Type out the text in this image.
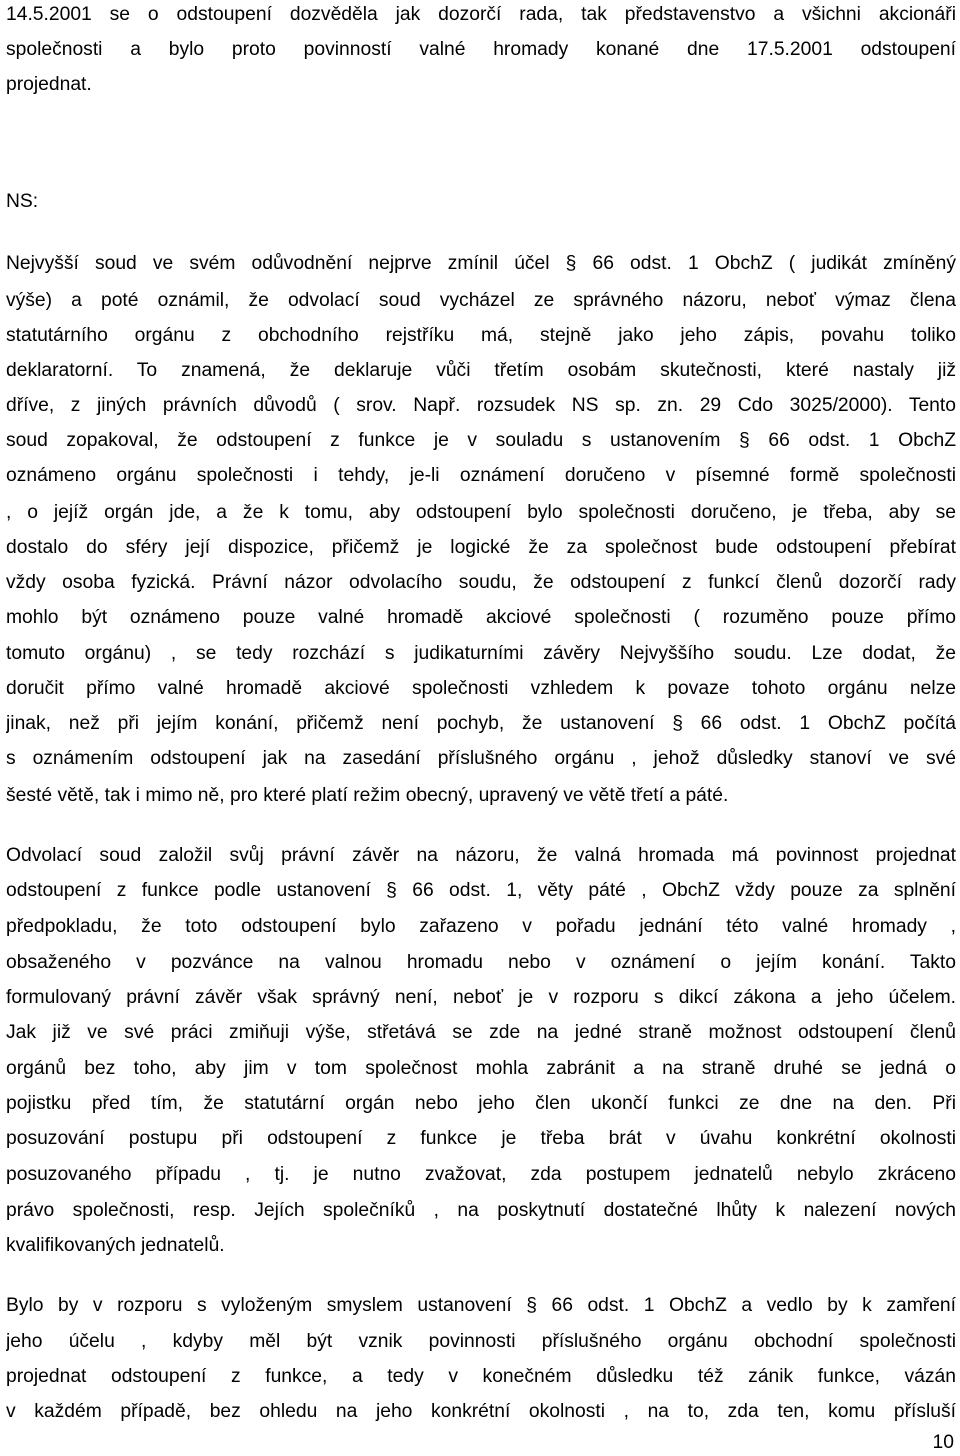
14.5.2001 se o odstoupení dozvěděla jak dozorčí rada, tak představenstvo a všichni akcionáři
společnosti a bylo proto povinností valné hromady konané dne 17.5.2001 odstoupení
projednat.
NS:
Nejvyšší soud ve svém odůvodnění nejprve zmínil účel § 66 odst. 1 ObchZ ( judikát zmíněný
výše) a poté oznámil, že odvolací soud vycházel ze správného názoru, neboť výmaz člena
statutárního orgánu z obchodního rejstříku má, stejně jako jeho zápis, povahu toliko
deklaratorní. To znamená, že deklaruje vůči třetím osobám skutečnosti, které nastaly již
dříve, z jiných právních důvodů ( srov. Např. rozsudek NS sp. zn. 29 Cdo 3025/2000). Tento
soud zopakoval, že odstoupení z funkce je v souladu s ustanovením § 66 odst. 1 ObchZ
oznámeno orgánu společnosti i tehdy, je-li oznámení doručeno v písemné formě společnosti
, o jejíž orgán jde, a že k tomu, aby odstoupení bylo společnosti doručeno, je třeba, aby se
dostalo do sféry její dispozice, přičemž je logické že za společnost bude odstoupení přebírat
vždy osoba fyzická. Právní názor odvolacího soudu, že odstoupení z funkcí členů dozorčí rady
mohlo být oznámeno pouze valné hromadě akciové společnosti ( rozuměno pouze přímo
tomuto orgánu) , se tedy rozchází s judikaturními závěry Nejvyššího soudu. Lze dodat, že
doručit přímo valné hromadě akciové společnosti vzhledem k povaze tohoto orgánu nelze
jinak, než při jejím konání, přičemž není pochyb, že ustanovení § 66 odst. 1 ObchZ počítá
s oznámením odstoupení jak na zasedání příslušného orgánu , jehož důsledky stanoví ve své
šesté větě, tak i mimo ně, pro které platí režim obecný, upravený ve větě třetí a páté.
Odvolací soud založil svůj právní závěr na názoru, že valná hromada má povinnost projednat
odstoupení z funkce podle ustanovení § 66 odst. 1, věty páté , ObchZ vždy pouze za splnění
předpokladu, že toto odstoupení bylo zařazeno v pořadu jednání této valné hromady ,
obsaženého v pozvánce na valnou hromadu nebo v oznámení o jejím konání. Takto
formulovaný právní závěr však správný není, neboť je v rozporu s dikcí zákona a jeho účelem.
Jak již ve své práci zmiňuji výše, střetává se zde na jedné straně možnost odstoupení členů
orgánů bez toho, aby jim v tom společnost mohla zabránit a na straně druhé se jedná o
pojistku před tím, že statutární orgán nebo jeho člen ukončí funkci ze dne na den. Při
posuzování postupu při odstoupení z funkce je třeba brát v úvahu konkrétní okolnosti
posuzovaného případu , tj. je nutno zvažovat, zda postupem jednatelů nebylo zkráceno
právo společnosti, resp. Jejích společníků , na poskytnutí dostatečné lhůty k nalezení nových
kvalifikovaných jednatelů.
Bylo by v rozporu s vyloženým smyslem ustanovení § 66 odst. 1 ObchZ a vedlo by k zamření
jeho účelu , kdyby měl být vznik povinnosti příslušného orgánu obchodní společnosti
projednat odstoupení z funkce, a tedy v konečném důsledku též zánik funkce, vázán
v každém případě, bez ohledu na jeho konkrétní okolnosti , na to, zda ten, komu přísluší
10
